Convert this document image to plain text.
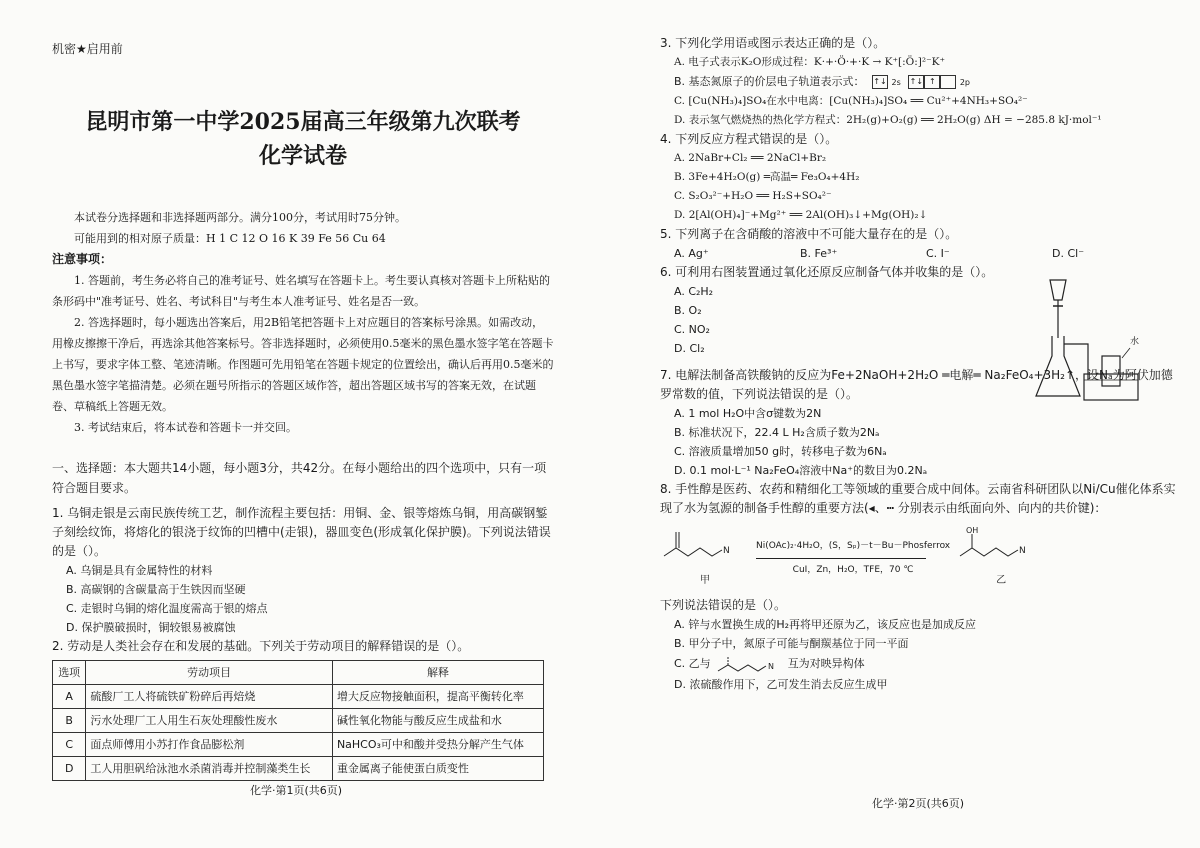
机密★启用前

昆明市第一中学2025届高三年级第九次联考

化学试卷

本试卷分选择题和非选择题两部分。满分100分，考试用时75分钟。

可能用到的相对原子质量：H 1 C 12 O 16 K 39 Fe 56 Cu 64

注意事项：

1. 答题前，考生务必将自己的准考证号、姓名填写在答题卡上。考生要认真核对答题卡上所粘贴的条形码中"准考证号、姓名、考试科目"与考生本人准考证号、姓名是否一致。

2. 答选择题时，每小题选出答案后，用2B铅笔把答题卡上对应题目的答案标号涂黑。如需改动，用橡皮擦擦干净后，再选涂其他答案标号。答非选择题时，必须使用0.5毫米的黑色墨水签字笔在答题卡上书写，要求字体工整、笔迹清晰。作图题可先用铅笔在答题卡规定的位置绘出，确认后再用0.5毫米的黑色墨水签字笔描清楚。必须在题号所指示的答题区域作答，超出答题区域书写的答案无效，在试题卷、草稿纸上答题无效。

3. 考试结束后，将本试卷和答题卡一并交回。

一、选择题：本大题共14小题，每小题3分，共42分。在每小题给出的四个选项中，只有一项符合题目要求。

1. 乌铜走银是云南民族传统工艺，制作流程主要包括：用铜、金、银等熔炼乌铜，用高碳钢錾子刻绘纹饰，将熔化的银浇于纹饰的凹槽中(走银)，器皿变色(形成氧化保护膜)。下列说法错误的是（）。

A. 乌铜是具有金属特性的材料

B. 高碳钢的含碳量高于生铁因而坚硬

C. 走银时乌铜的熔化温度需高于银的熔点

D. 保护膜破损时，铜较银易被腐蚀

2. 劳动是人类社会存在和发展的基础。下列关于劳动项目的解释错误的是（）。

选项	劳动项目	解释
A	硫酸厂工人将硫铁矿粉碎后再焙烧	增大反应物接触面积，提高平衡转化率
B	污水处理厂工人用生石灰处理酸性废水	碱性氧化物能与酸反应生成盐和水
C	面点师傅用小苏打作食品膨松剂	NaHCO₃可中和酸并受热分解产生气体
D	工人用胆矾给泳池水杀菌消毒并控制藻类生长	重金属离子能使蛋白质变性
化学·第1页(共6页)

3. 下列化学用语或图示表达正确的是（）。

A. 电子式表示K₂O形成过程：K·+·Ö·+·K → K⁺[:Ö:]²⁻K⁺

B. 基态氮原子的价层电子轨道表示式： ↑↓ 2s ↑↓ ↑	2p

C. [Cu(NH₃)₄]SO₄在水中电离：[Cu(NH₃)₄]SO₄ ══ Cu²⁺+4NH₃+SO₄²⁻

D. 表示氢气燃烧热的热化学方程式：2H₂(g)+O₂(g) ══ 2H₂O(g) ΔH = −285.8 kJ·mol⁻¹

4. 下列反应方程式错误的是（）。

A. 2NaBr+Cl₂ ══ 2NaCl+Br₂

B. 3Fe+4H₂O(g) ═高温═ Fe₃O₄+4H₂

C. S₂O₃²⁻+H₂O ══ H₂S+SO₄²⁻

D. 2[Al(OH)₄]⁻+Mg²⁺ ══ 2Al(OH)₃↓+Mg(OH)₂↓

5. 下列离子在含硝酸的溶液中不可能大量存在的是（）。

A. Ag⁺	B. Fe³⁺	C. I⁻	D. Cl⁻

6. 可利用右图装置通过氧化还原反应制备气体并收集的是（）。

A. C₂H₂

B. O₂

C. NO₂

D. Cl₂	水

7. 电解法制备高铁酸钠的反应为Fe+2NaOH+2H₂O ═电解═ Na₂FeO₄+3H₂↑，设Nₐ为阿伏加德罗常数的值，下列说法错误的是（）。

A. 1 mol H₂O中含σ键数为2N

B. 标准状况下，22.4 L H₂含质子数为2Nₐ

C. 溶液质量增加50 g时，转移电子数为6Nₐ

D. 0.1 mol·L⁻¹ Na₂FeO₄溶液中Na⁺的数目为0.2Nₐ

8. 手性醇是医药、农药和精细化工等领域的重要合成中间体。云南省科研团队以Ni/Cu催化体系实现了水为氢源的制备手性醇的重要方法(◂、┅ 分别表示由纸面向外、向内的共价键)：

N
甲
Ni(OAc)₂·4H₂O，(S，Sₚ)－t－Bu－Phosferrox
CuI，Zn，H₂O，TFE，70 ℃
OH
N
乙

下列说法错误的是（）。

A. 锌与水置换生成的H₂再将甲还原为乙，该反应也是加成反应

B. 甲分子中，氮原子可能与酮羰基位于同一平面

C. 乙与	N 互为对映异构体

D. 浓硫酸作用下，乙可发生消去反应生成甲

化学·第2页(共6页)
